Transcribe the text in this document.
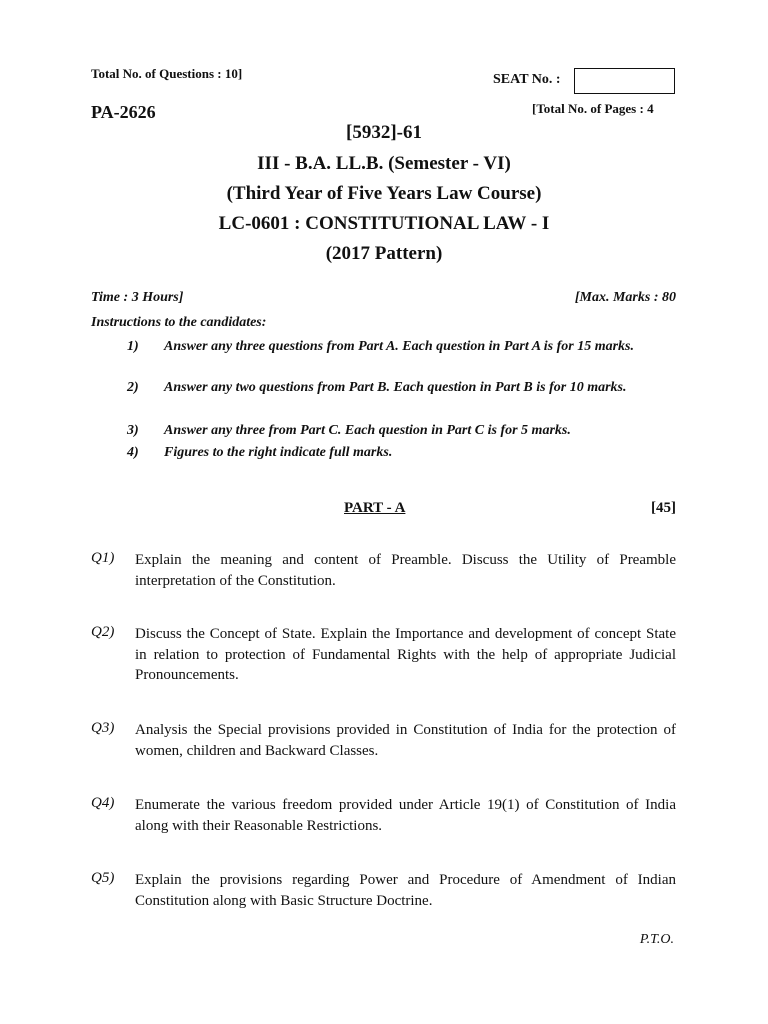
Total No. of Questions : 10]	SEAT No. :
PA-2626	[Total No. of Pages : 4
[5932]-61
III - B.A. LL.B. (Semester - VI)
(Third Year of Five Years Law Course)
LC-0601 : CONSTITUTIONAL LAW - I
(2017 Pattern)
Time : 3 Hours]	[Max. Marks : 80
Instructions to the candidates:
1)	Answer any three questions from Part A. Each question in Part A is for 15 marks.
2)	Answer any two questions from Part B. Each question in Part B is for 10 marks.
3)	Answer any three from Part C. Each question in Part C is for 5 marks.
4)	Figures to the right indicate full marks.
PART - A	[45]
Q1) Explain the meaning and content of Preamble. Discuss the Utility of Preamble interpretation of the Constitution.
Q2) Discuss the Concept of State. Explain the Importance and development of concept State in relation to protection of Fundamental Rights with the help of appropriate Judicial Pronouncements.
Q3) Analysis the Special provisions provided in Constitution of India for the protection of women, children and Backward Classes.
Q4) Enumerate the various freedom provided under Article 19(1) of Constitution of India along with their Reasonable Restrictions.
Q5) Explain the provisions regarding Power and Procedure of Amendment of Indian Constitution along with Basic Structure Doctrine.
P.T.O.
